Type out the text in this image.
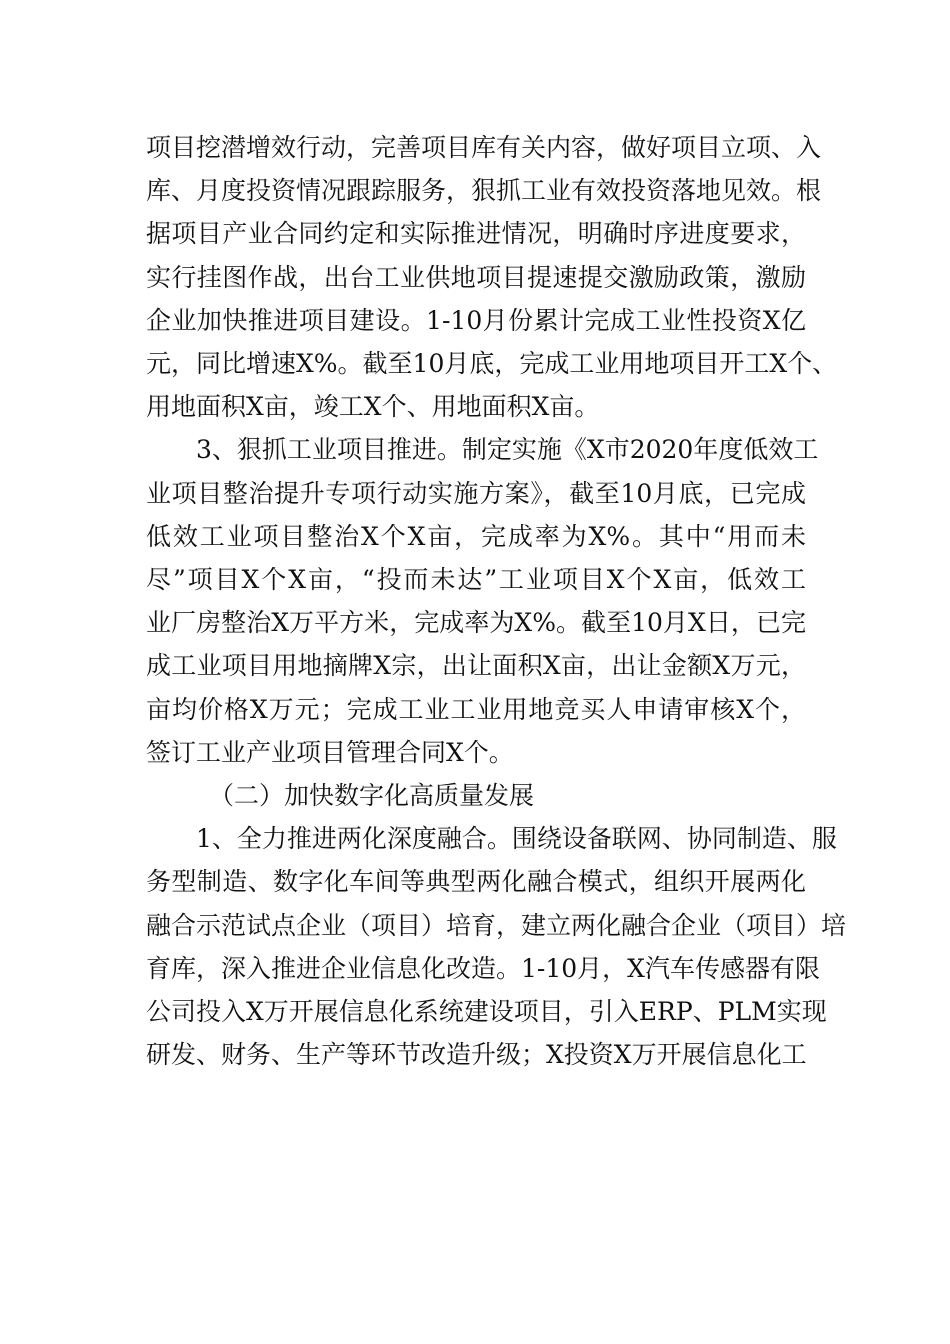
项目挖潜增效行动，完善项目库有关内容，做好项目立项、入
库、月度投资情况跟踪服务，狠抓工业有效投资落地见效。根
据项目产业合同约定和实际推进情况，明确时序进度要求，
实行挂图作战，出台工业供地项目提速提交激励政策，激励
企业加快推进项目建设。1-10月份累计完成工业性投资X亿
元，同比增速X%。截至10月底，完成工业用地项目开工X个、
用地面积X亩，竣工X个、用地面积X亩。

3、狠抓工业项目推进。制定实施《X市2020年度低效工
业项目整治提升专项行动实施方案》，截至10月底，已完成
低效工业项目整治X个X亩，完成率为X%。其中“用而未
尽”项目X个X亩，“投而未达”工业项目X个X亩，低效工
业厂房整治X万平方米，完成率为X%。截至10月X日，已完
成工业项目用地摘牌X宗，出让面积X亩，出让金额X万元，
亩均价格X万元；完成工业工业用地竞买人申请审核X个，
签订工业产业项目管理合同X个。

（二）加快数字化高质量发展

1、全力推进两化深度融合。围绕设备联网、协同制造、服
务型制造、数字化车间等典型两化融合模式，组织开展两化
融合示范试点企业（项目）培育，建立两化融合企业（项目）培
育库，深入推进企业信息化改造。1-10月，X汽车传感器有限
公司投入X万开展信息化系统建设项目，引入ERP、PLM实现
研发、财务、生产等环节改造升级；X投资X万开展信息化工
